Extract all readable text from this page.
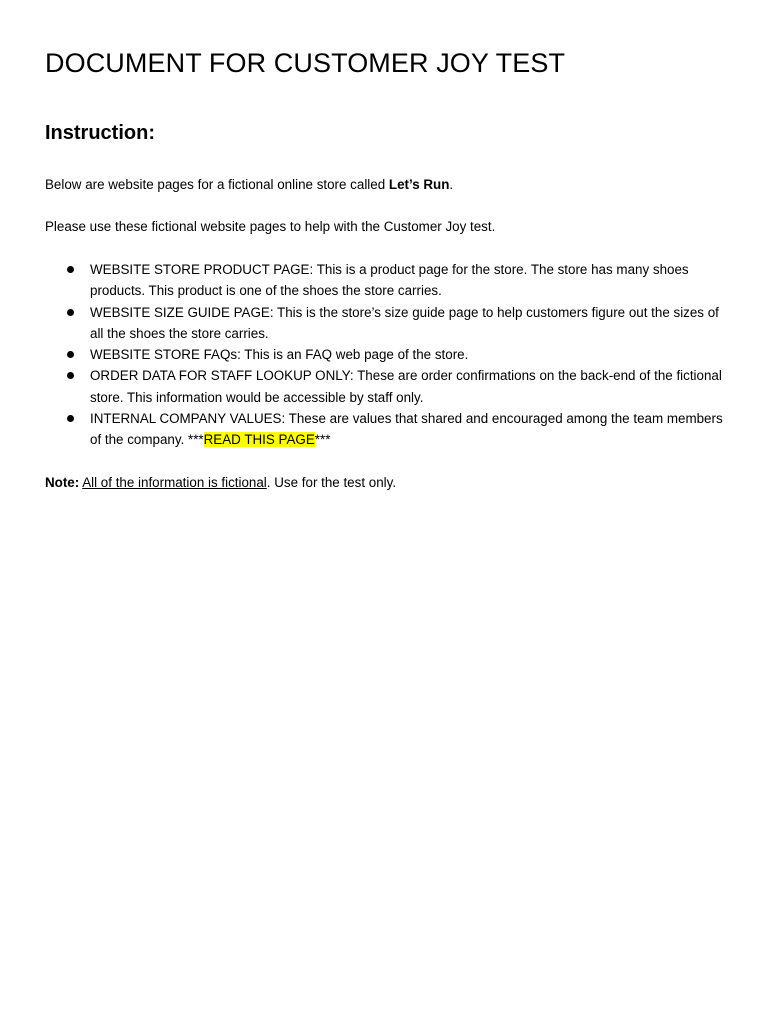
DOCUMENT FOR CUSTOMER JOY TEST
Instruction:

Below are website pages for a fictional online store called Let’s Run.

Please use these fictional website pages to help with the Customer Joy test.

WEBSITE STORE PRODUCT PAGE: This is a product page for the store. The store has many shoes products. This product is one of the shoes the store carries.
WEBSITE SIZE GUIDE PAGE: This is the store’s size guide page to help customers figure out the sizes of all the shoes the store carries.
WEBSITE STORE FAQs: This is an FAQ web page of the store.
ORDER DATA FOR STAFF LOOKUP ONLY: These are order confirmations on the back-end of the fictional store. This information would be accessible by staff only.
INTERNAL COMPANY VALUES: These are values that shared and encouraged among the team members of the company. ***READ THIS PAGE***

Note: All of the information is fictional. Use for the test only.
